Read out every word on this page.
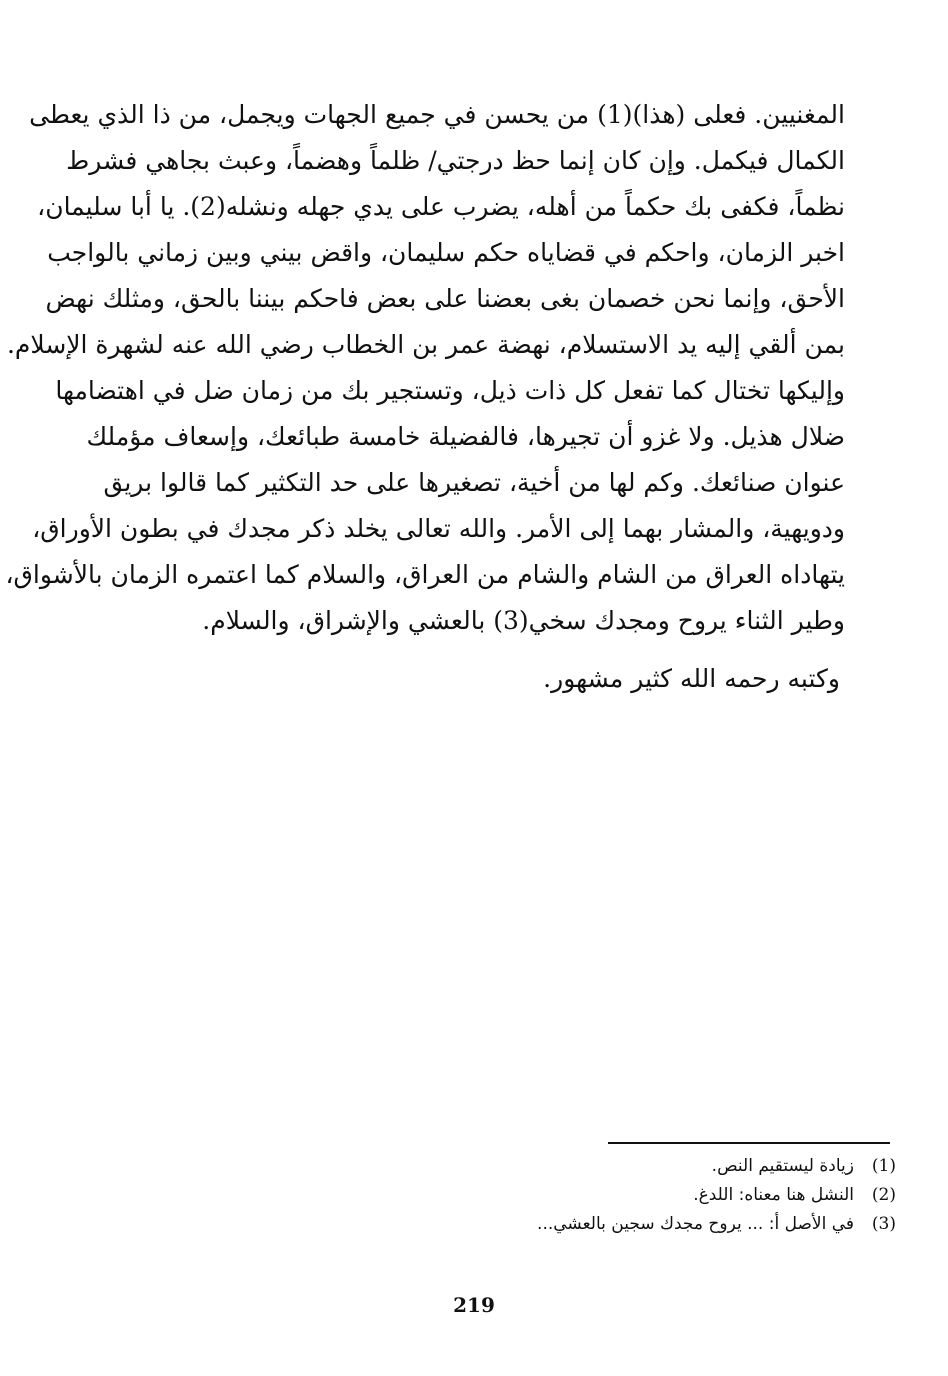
المغنيين. فعلى (هذا)(1) من يحسن في جميع الجهات ويجمل، من ذا الذي يعطى
الكمال فيكمل. وإن كان إنما حظ درجتي/ ظلماً وهضماً، وعبث بجاهي فشرط
نظماً، فكفى بك حكماً من أهله، يضرب على يدي جهله ونشله(2). يا أبا سليمان،
اخبر الزمان، واحكم في قضاياه حكم سليمان، واقض بيني وبين زماني بالواجب
الأحق، وإنما نحن خصمان بغى بعضنا على بعض فاحكم بيننا بالحق، ومثلك نهض
بمن ألقي إليه يد الاستسلام، نهضة عمر بن الخطاب رضي الله عنه لشهرة الإسلام.
وإليكها تختال كما تفعل كل ذات ذيل، وتستجير بك من زمان ضل في اهتضامها
ضلال هذيل. ولا غزو أن تجيرها، فالفضيلة خامسة طبائعك، وإسعاف مؤملك
عنوان صنائعك. وكم لها من أخية، تصغيرها على حد التكثير كما قالوا بريق
ودويهية، والمشار بهما إلى الأمر. والله تعالى يخلد ذكر مجدك في بطون الأوراق،
يتهاداه العراق من الشام والشام من العراق، والسلام كما اعتمره الزمان بالأشواق،
وطير الثناء يروح ومجدك سخي(3) بالعشي والإشراق، والسلام.
وكتبه رحمه الله كثير مشهور.
(1)
زيادة ليستقيم النص.
(2)
النشل هنا معناه: اللدغ.
(3)
في الأصل أ: ... يروح مجدك سجين بالعشي...
219
